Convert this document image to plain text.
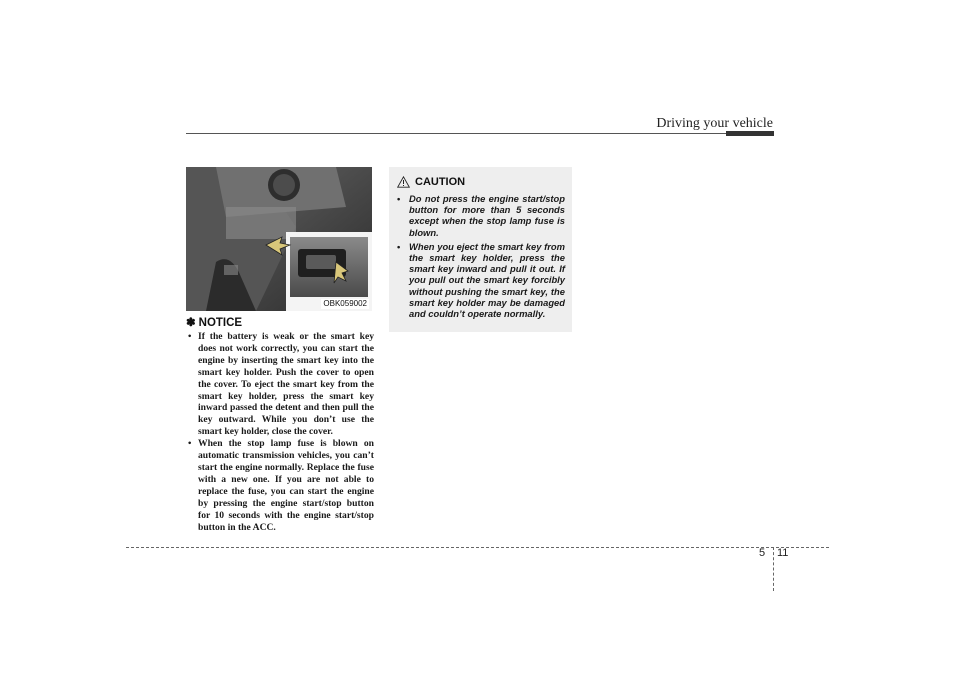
Driving your vehicle
OBK059002
✽ NOTICE
• If the battery is weak or the smart key does not work correctly, you can start the engine by inserting the smart key into the smart key holder. Push the cover to open the cover. To eject the smart key from the smart key holder, press the smart key inward passed the detent and then pull the key outward. While you don’t use the smart key holder, close the cover.
• When the stop lamp fuse is blown on automatic transmission vehicles, you can’t start the engine normally. Replace the fuse with a new one. If you are not able to replace the fuse, you can start the engine by pressing the engine start/stop button for 10 seconds with the engine start/stop button in the ACC.
CAUTION
• Do not press the engine start/stop button for more than 5 seconds except when the stop lamp fuse is blown.
• When you eject the smart key from the smart key holder, press the smart key inward and pull it out. If you pull out the smart key forcibly without pushing the smart key, the smart key holder may be damaged and couldn’t operate normally.
5	11
